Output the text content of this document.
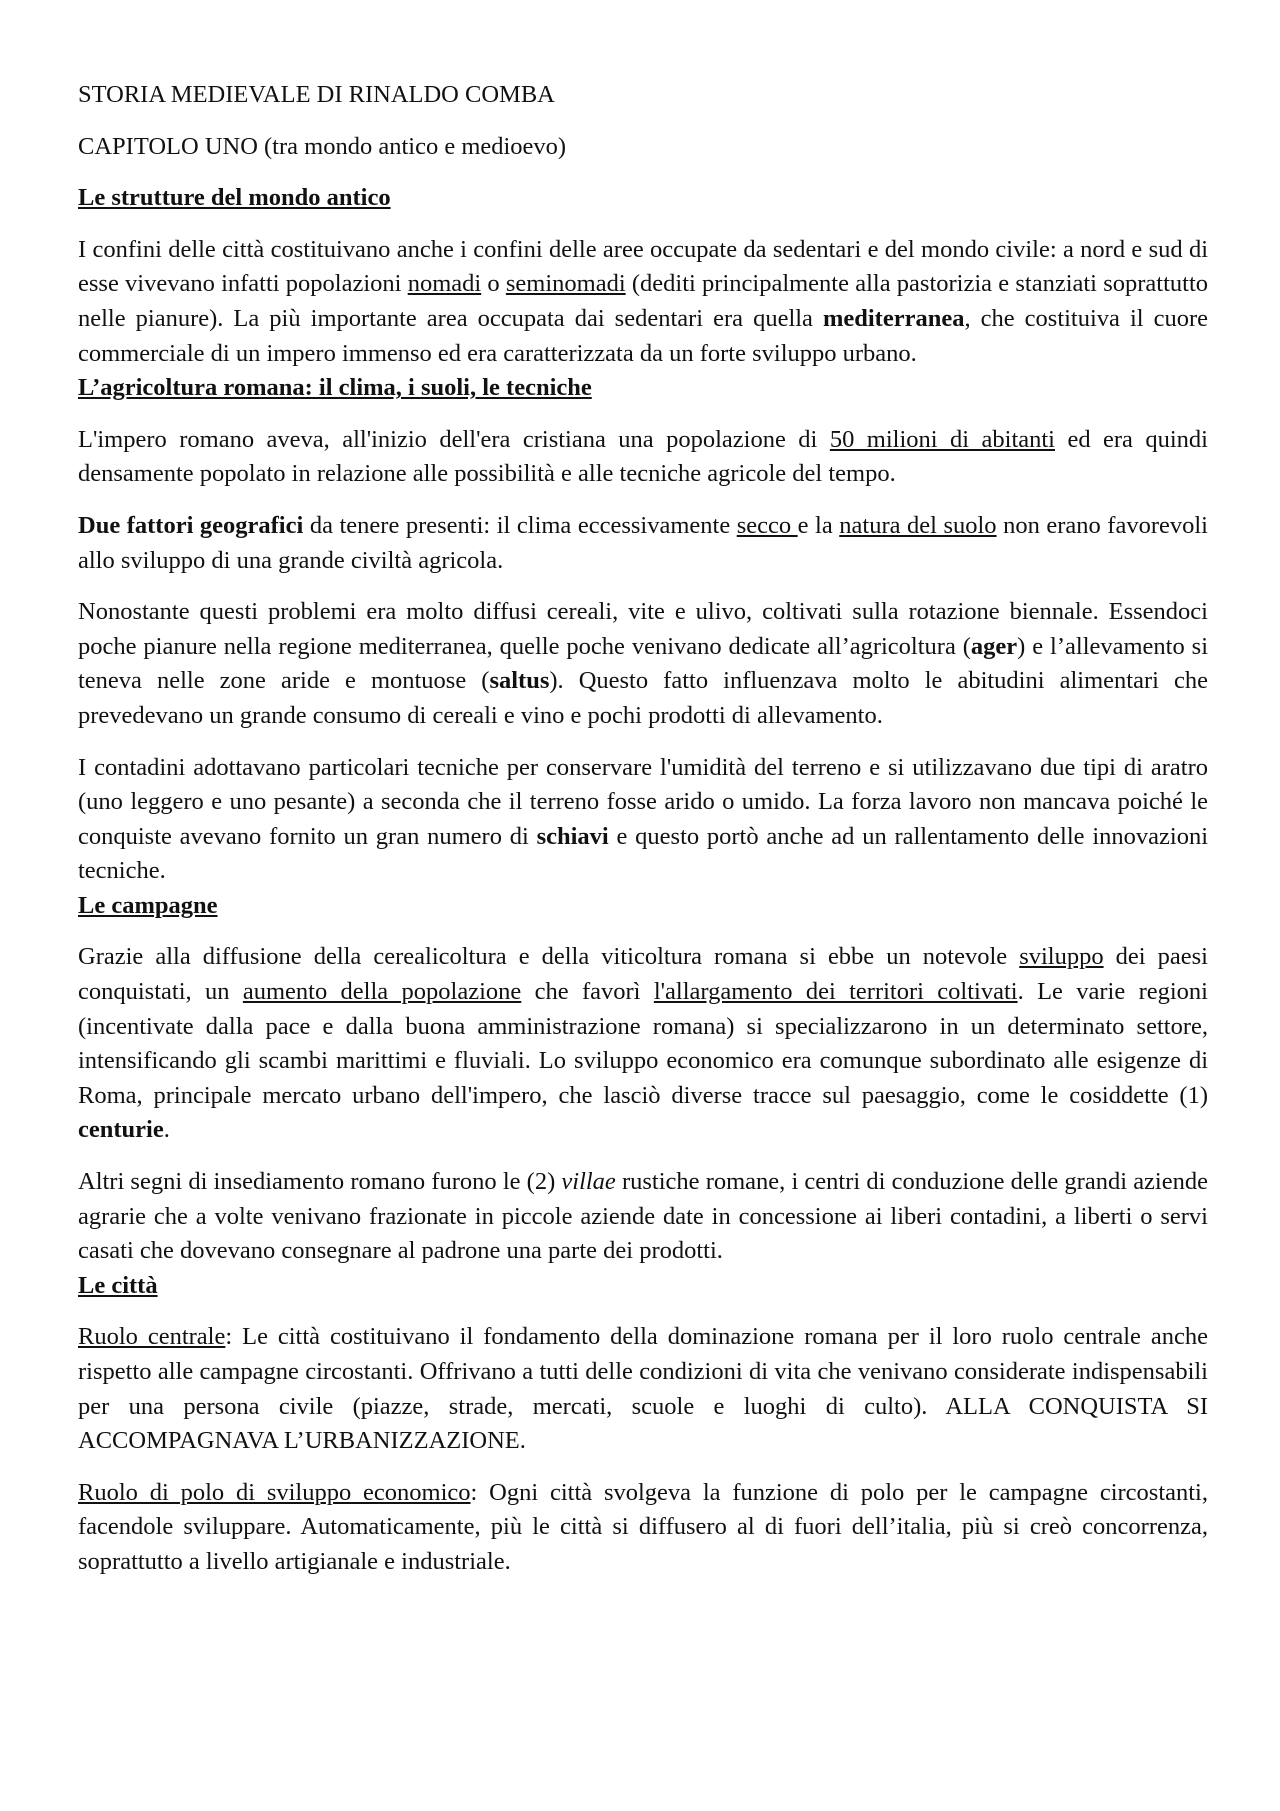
STORIA MEDIEVALE DI RINALDO COMBA
CAPITOLO UNO (tra mondo antico e medioevo)
Le strutture del mondo antico

I confini delle città costituivano anche i confini delle aree occupate da sedentari e del mondo civile: a nord e sud di esse vivevano infatti popolazioni nomadi o seminomadi (dediti principalmente alla pastorizia e stanziati soprattutto nelle pianure). La più importante area occupata dai sedentari era quella mediterranea, che costituiva il cuore commerciale di un impero immenso ed era caratterizzata da un forte sviluppo urbano.

L’agricoltura romana: il clima, i suoli, le tecniche

L'impero romano aveva, all'inizio dell'era cristiana una popolazione di 50 milioni di abitanti ed era quindi densamente popolato in relazione alle possibilità e alle tecniche agricole del tempo.

Due fattori geografici da tenere presenti: il clima eccessivamente secco e la natura del suolo non erano favorevoli allo sviluppo di una grande civiltà agricola.

Nonostante questi problemi era molto diffusi cereali, vite e ulivo, coltivati sulla rotazione biennale. Essendoci poche pianure nella regione mediterranea, quelle poche venivano dedicate all’agricoltura (ager) e l’allevamento si teneva nelle zone aride e montuose (saltus). Questo fatto influenzava molto le abitudini alimentari che prevedevano un grande consumo di cereali e vino e pochi prodotti di allevamento.

I contadini adottavano particolari tecniche per conservare l'umidità del terreno e si utilizzavano due tipi di aratro (uno leggero e uno pesante) a seconda che il terreno fosse arido o umido. La forza lavoro non mancava poiché le conquiste avevano fornito un gran numero di schiavi e questo portò anche ad un rallentamento delle innovazioni tecniche.

Le campagne

Grazie alla diffusione della cerealicoltura e della viticoltura romana si ebbe un notevole sviluppo dei paesi conquistati, un aumento della popolazione che favorì l'allargamento dei territori coltivati. Le varie regioni (incentivate dalla pace e dalla buona amministrazione romana) si specializzarono in un determinato settore, intensificando gli scambi marittimi e fluviali. Lo sviluppo economico era comunque subordinato alle esigenze di Roma, principale mercato urbano dell'impero, che lasciò diverse tracce sul paesaggio, come le cosiddette (1) centurie.

Altri segni di insediamento romano furono le (2) villae rustiche romane, i centri di conduzione delle grandi aziende agrarie che a volte venivano frazionate in piccole aziende date in concessione ai liberi contadini, a liberti o servi casati che dovevano consegnare al padrone una parte dei prodotti.

Le città

Ruolo centrale: Le città costituivano il fondamento della dominazione romana per il loro ruolo centrale anche rispetto alle campagne circostanti. Offrivano a tutti delle condizioni di vita che venivano considerate indispensabili per una persona civile (piazze, strade, mercati, scuole e luoghi di culto). ALLA CONQUISTA SI ACCOMPAGNAVA L’URBANIZZAZIONE.

Ruolo di polo di sviluppo economico: Ogni città svolgeva la funzione di polo per le campagne circostanti, facendole sviluppare. Automaticamente, più le città si diffusero al di fuori dell’italia, più si creò concorrenza, soprattutto a livello artigianale e industriale.
